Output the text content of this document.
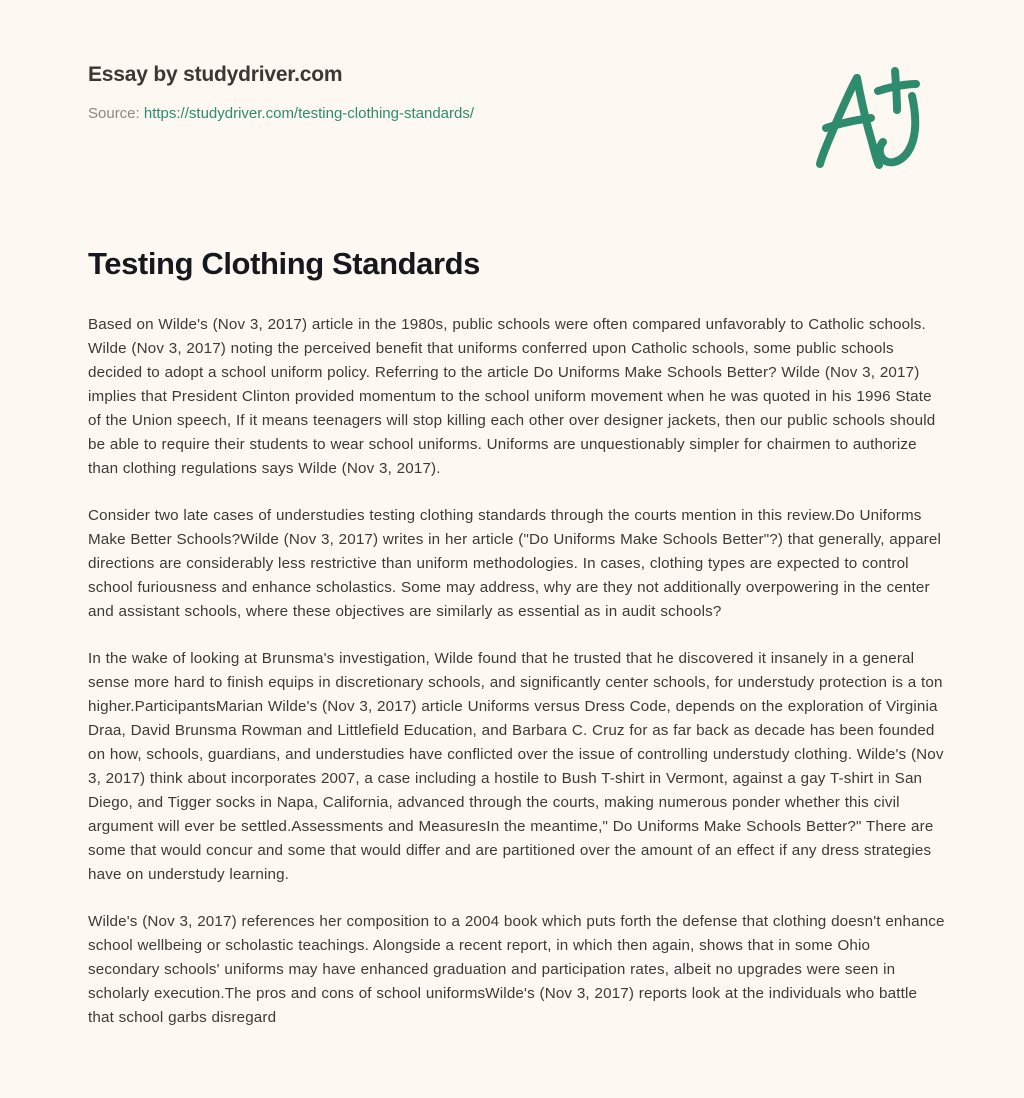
Essay by studydriver.com
Source: https://studydriver.com/testing-clothing-standards/
Testing Clothing Standards

Based on Wilde's (Nov 3, 2017) article in the 1980s, public schools were often compared unfavorably to Catholic schools. Wilde (Nov 3, 2017) noting the perceived benefit that uniforms conferred upon Catholic schools, some public schools decided to adopt a school uniform policy. Referring to the article Do Uniforms Make Schools Better? Wilde (Nov 3, 2017) implies that President Clinton provided momentum to the school uniform movement when he was quoted in his 1996 State of the Union speech, If it means teenagers will stop killing each other over designer jackets, then our public schools should be able to require their students to wear school uniforms. Uniforms are unquestionably simpler for chairmen to authorize than clothing regulations says Wilde (Nov 3, 2017).

Consider two late cases of understudies testing clothing standards through the courts mention in this review.Do Uniforms Make Better Schools?Wilde (Nov 3, 2017) writes in her article ("Do Uniforms Make Schools Better"?) that generally, apparel directions are considerably less restrictive than uniform methodologies. In cases, clothing types are expected to control school furiousness and enhance scholastics. Some may address, why are they not additionally overpowering in the center and assistant schools, where these objectives are similarly as essential as in audit schools?

In the wake of looking at Brunsma's investigation, Wilde found that he trusted that he discovered it insanely in a general sense more hard to finish equips in discretionary schools, and significantly center schools, for understudy protection is a ton higher.ParticipantsMarian Wilde's (Nov 3, 2017) article Uniforms versus Dress Code, depends on the exploration of Virginia Draa, David Brunsma Rowman and Littlefield Education, and Barbara C. Cruz for as far back as decade has been founded on how, schools, guardians, and understudies have conflicted over the issue of controlling understudy clothing. Wilde's (Nov 3, 2017) think about incorporates 2007, a case including a hostile to Bush T-shirt in Vermont, against a gay T-shirt in San Diego, and Tigger socks in Napa, California, advanced through the courts, making numerous ponder whether this civil argument will ever be settled.Assessments and MeasuresIn the meantime," Do Uniforms Make Schools Better?" There are some that would concur and some that would differ and are partitioned over the amount of an effect if any dress strategies have on understudy learning.

Wilde's (Nov 3, 2017) references her composition to a 2004 book which puts forth the defense that clothing doesn't enhance school wellbeing or scholastic teachings. Alongside a recent report, in which then again, shows that in some Ohio secondary schools' uniforms may have enhanced graduation and participation rates, albeit no upgrades were seen in scholarly execution.The pros and cons of school uniformsWilde's (Nov 3, 2017) reports look at the individuals who battle that school garbs disregard
